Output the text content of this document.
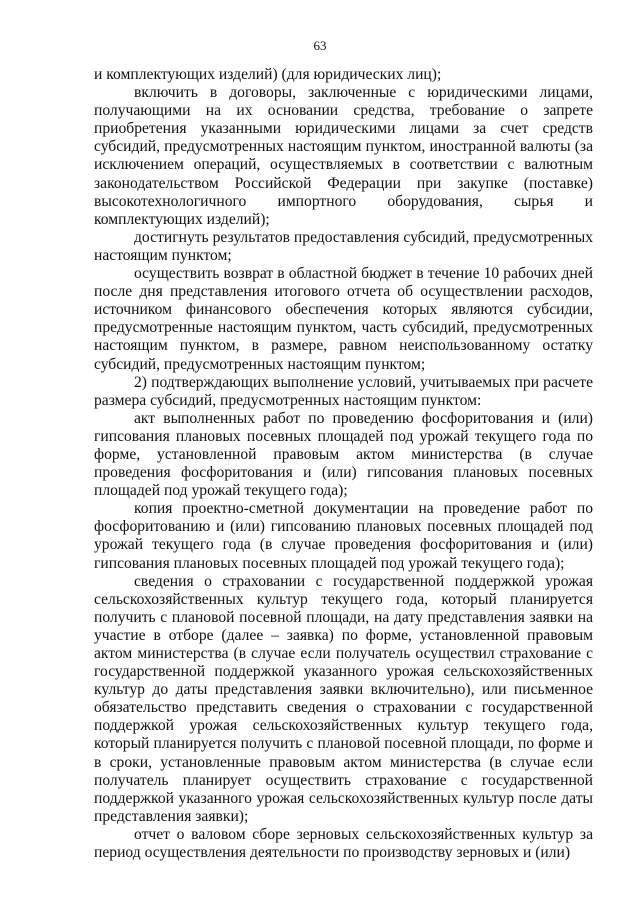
63

и комплектующих изделий) (для юридических лиц);

включить в договоры, заключенные с юридическими лицами, получающими на их основании средства, требование о запрете приобретения указанными юридическими лицами за счет средств субсидий, предусмотренных настоящим пунктом, иностранной валюты (за исключением операций, осуществляемых в соответствии с валютным законодательством Российской Федерации при закупке (поставке) высокотехнологичного импортного оборудования, сырья и комплектующих изделий);

достигнуть результатов предоставления субсидий, предусмотренных настоящим пунктом;

осуществить возврат в областной бюджет в течение 10 рабочих дней после дня представления итогового отчета об осуществлении расходов, источником финансового обеспечения которых являются субсидии, предусмотренные настоящим пунктом, часть субсидий, предусмотренных настоящим пунктом, в размере, равном неиспользованному остатку субсидий, предусмотренных настоящим пунктом;

2) подтверждающих выполнение условий, учитываемых при расчете размера субсидий, предусмотренных настоящим пунктом:

акт выполненных работ по проведению фосфоритования и (или) гипсования плановых посевных площадей под урожай текущего года по форме, установленной правовым актом министерства (в случае проведения фосфоритования и (или) гипсования плановых посевных площадей под урожай текущего года);

копия проектно-сметной документации на проведение работ по фосфоритованию и (или) гипсованию плановых посевных площадей под урожай текущего года (в случае проведения фосфоритования и (или) гипсования плановых посевных площадей под урожай текущего года);

сведения о страховании с государственной поддержкой урожая сельскохозяйственных культур текущего года, который планируется получить с плановой посевной площади, на дату представления заявки на участие в отборе (далее – заявка) по форме, установленной правовым актом министерства (в случае если получатель осуществил страхование с государственной поддержкой указанного урожая сельскохозяйственных культур до даты представления заявки включительно), или письменное обязательство представить сведения о страховании с государственной поддержкой урожая сельскохозяйственных культур текущего года, который планируется получить с плановой посевной площади, по форме и в сроки, установленные правовым актом министерства (в случае если получатель планирует осуществить страхование с государственной поддержкой указанного урожая сельскохозяйственных культур после даты представления заявки);

отчет о валовом сборе зерновых сельскохозяйственных культур за период осуществления деятельности по производству зерновых и (или)
